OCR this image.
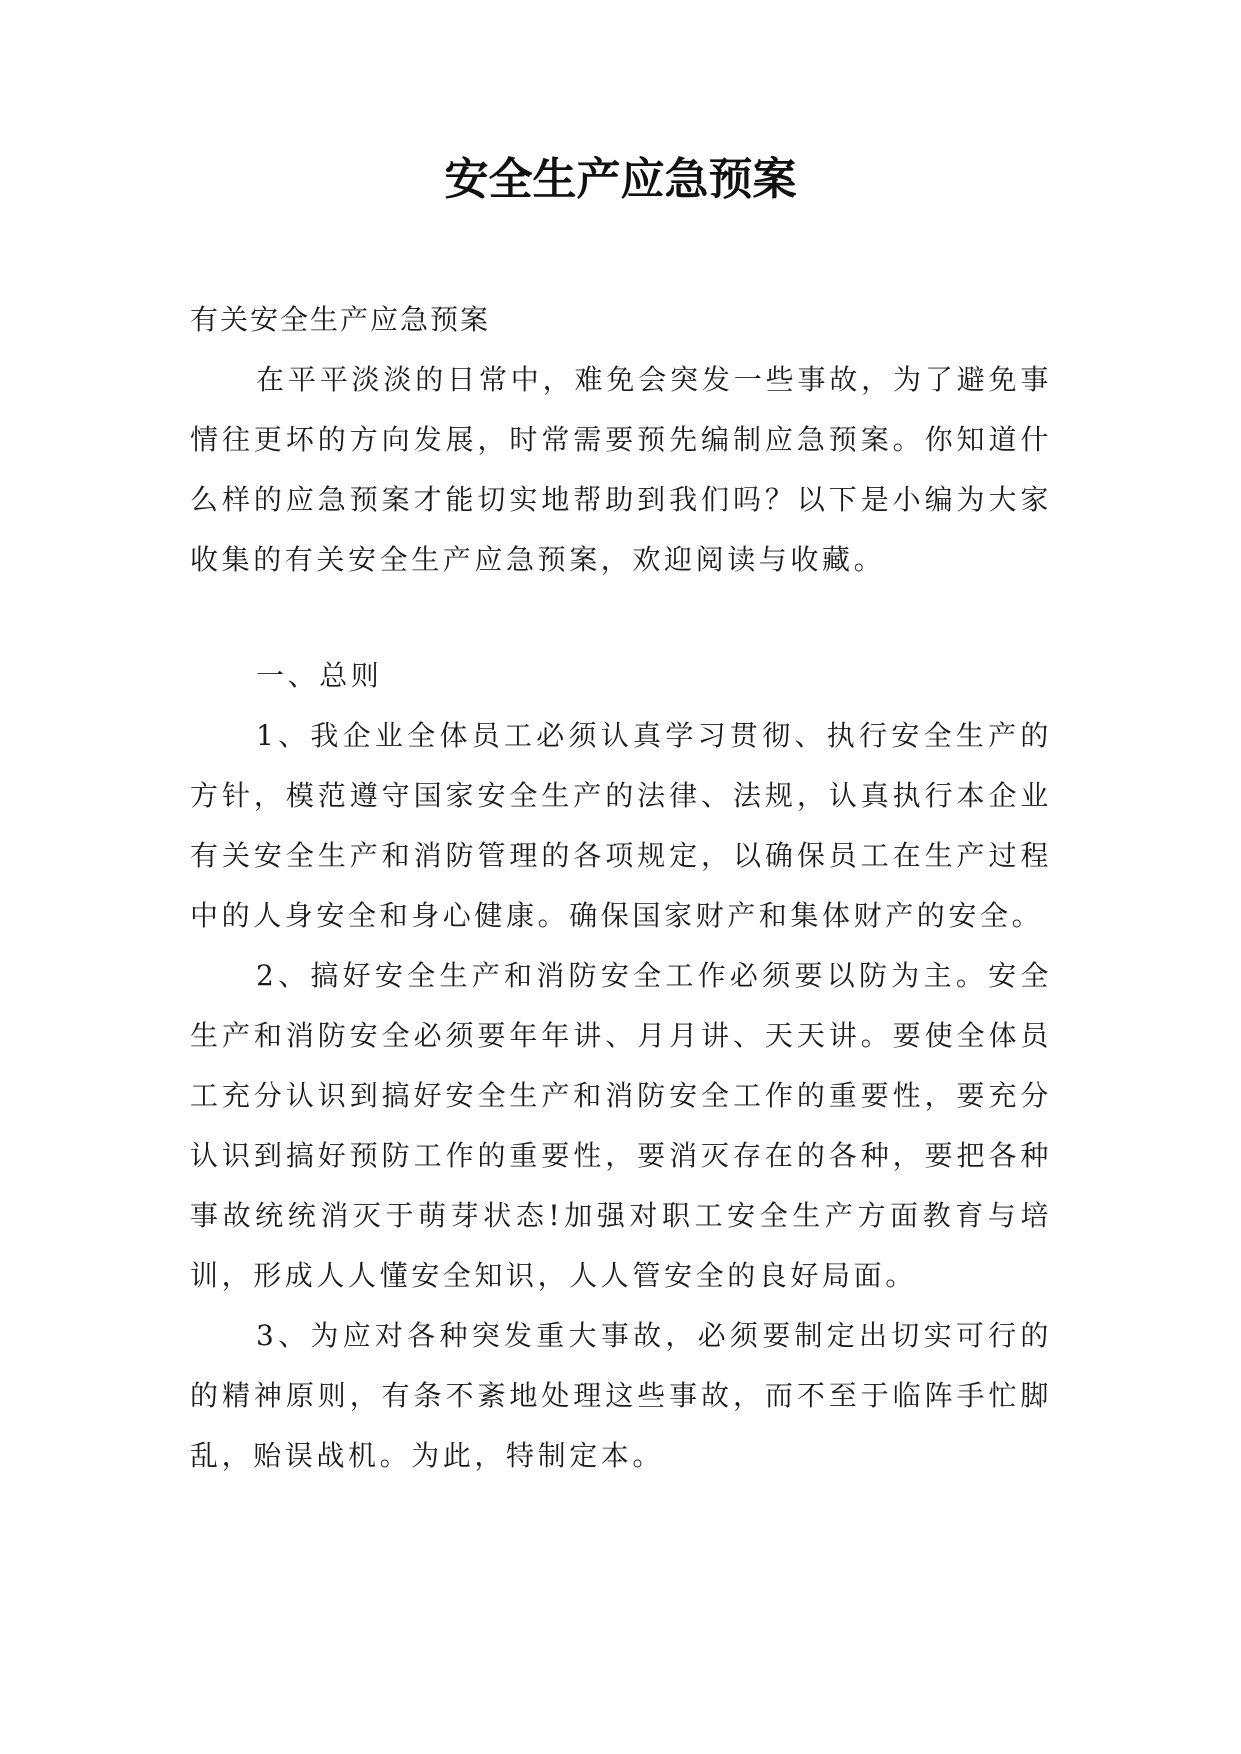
安全生产应急预案

有关安全生产应急预案

在平平淡淡的日常中，难免会突发一些事故，为了避免事情往更坏的方向发展，时常需要预先编制应急预案。你知道什么样的应急预案才能切实地帮助到我们吗？以下是小编为大家收集的有关安全生产应急预案，欢迎阅读与收藏。

一、总则

1、我企业全体员工必须认真学习贯彻、执行安全生产的方针，模范遵守国家安全生产的法律、法规，认真执行本企业有关安全生产和消防管理的各项规定，以确保员工在生产过程中的人身安全和身心健康。确保国家财产和集体财产的安全。

2、搞好安全生产和消防安全工作必须要以防为主。安全生产和消防安全必须要年年讲、月月讲、天天讲。要使全体员工充分认识到搞好安全生产和消防安全工作的重要性，要充分认识到搞好预防工作的重要性，要消灭存在的各种，要把各种事故统统消灭于萌芽状态!加强对职工安全生产方面教育与培训，形成人人懂安全知识，人人管安全的良好局面。

3、为应对各种突发重大事故，必须要制定出切实可行的的精神原则，有条不紊地处理这些事故，而不至于临阵手忙脚乱，贻误战机。为此，特制定本。
